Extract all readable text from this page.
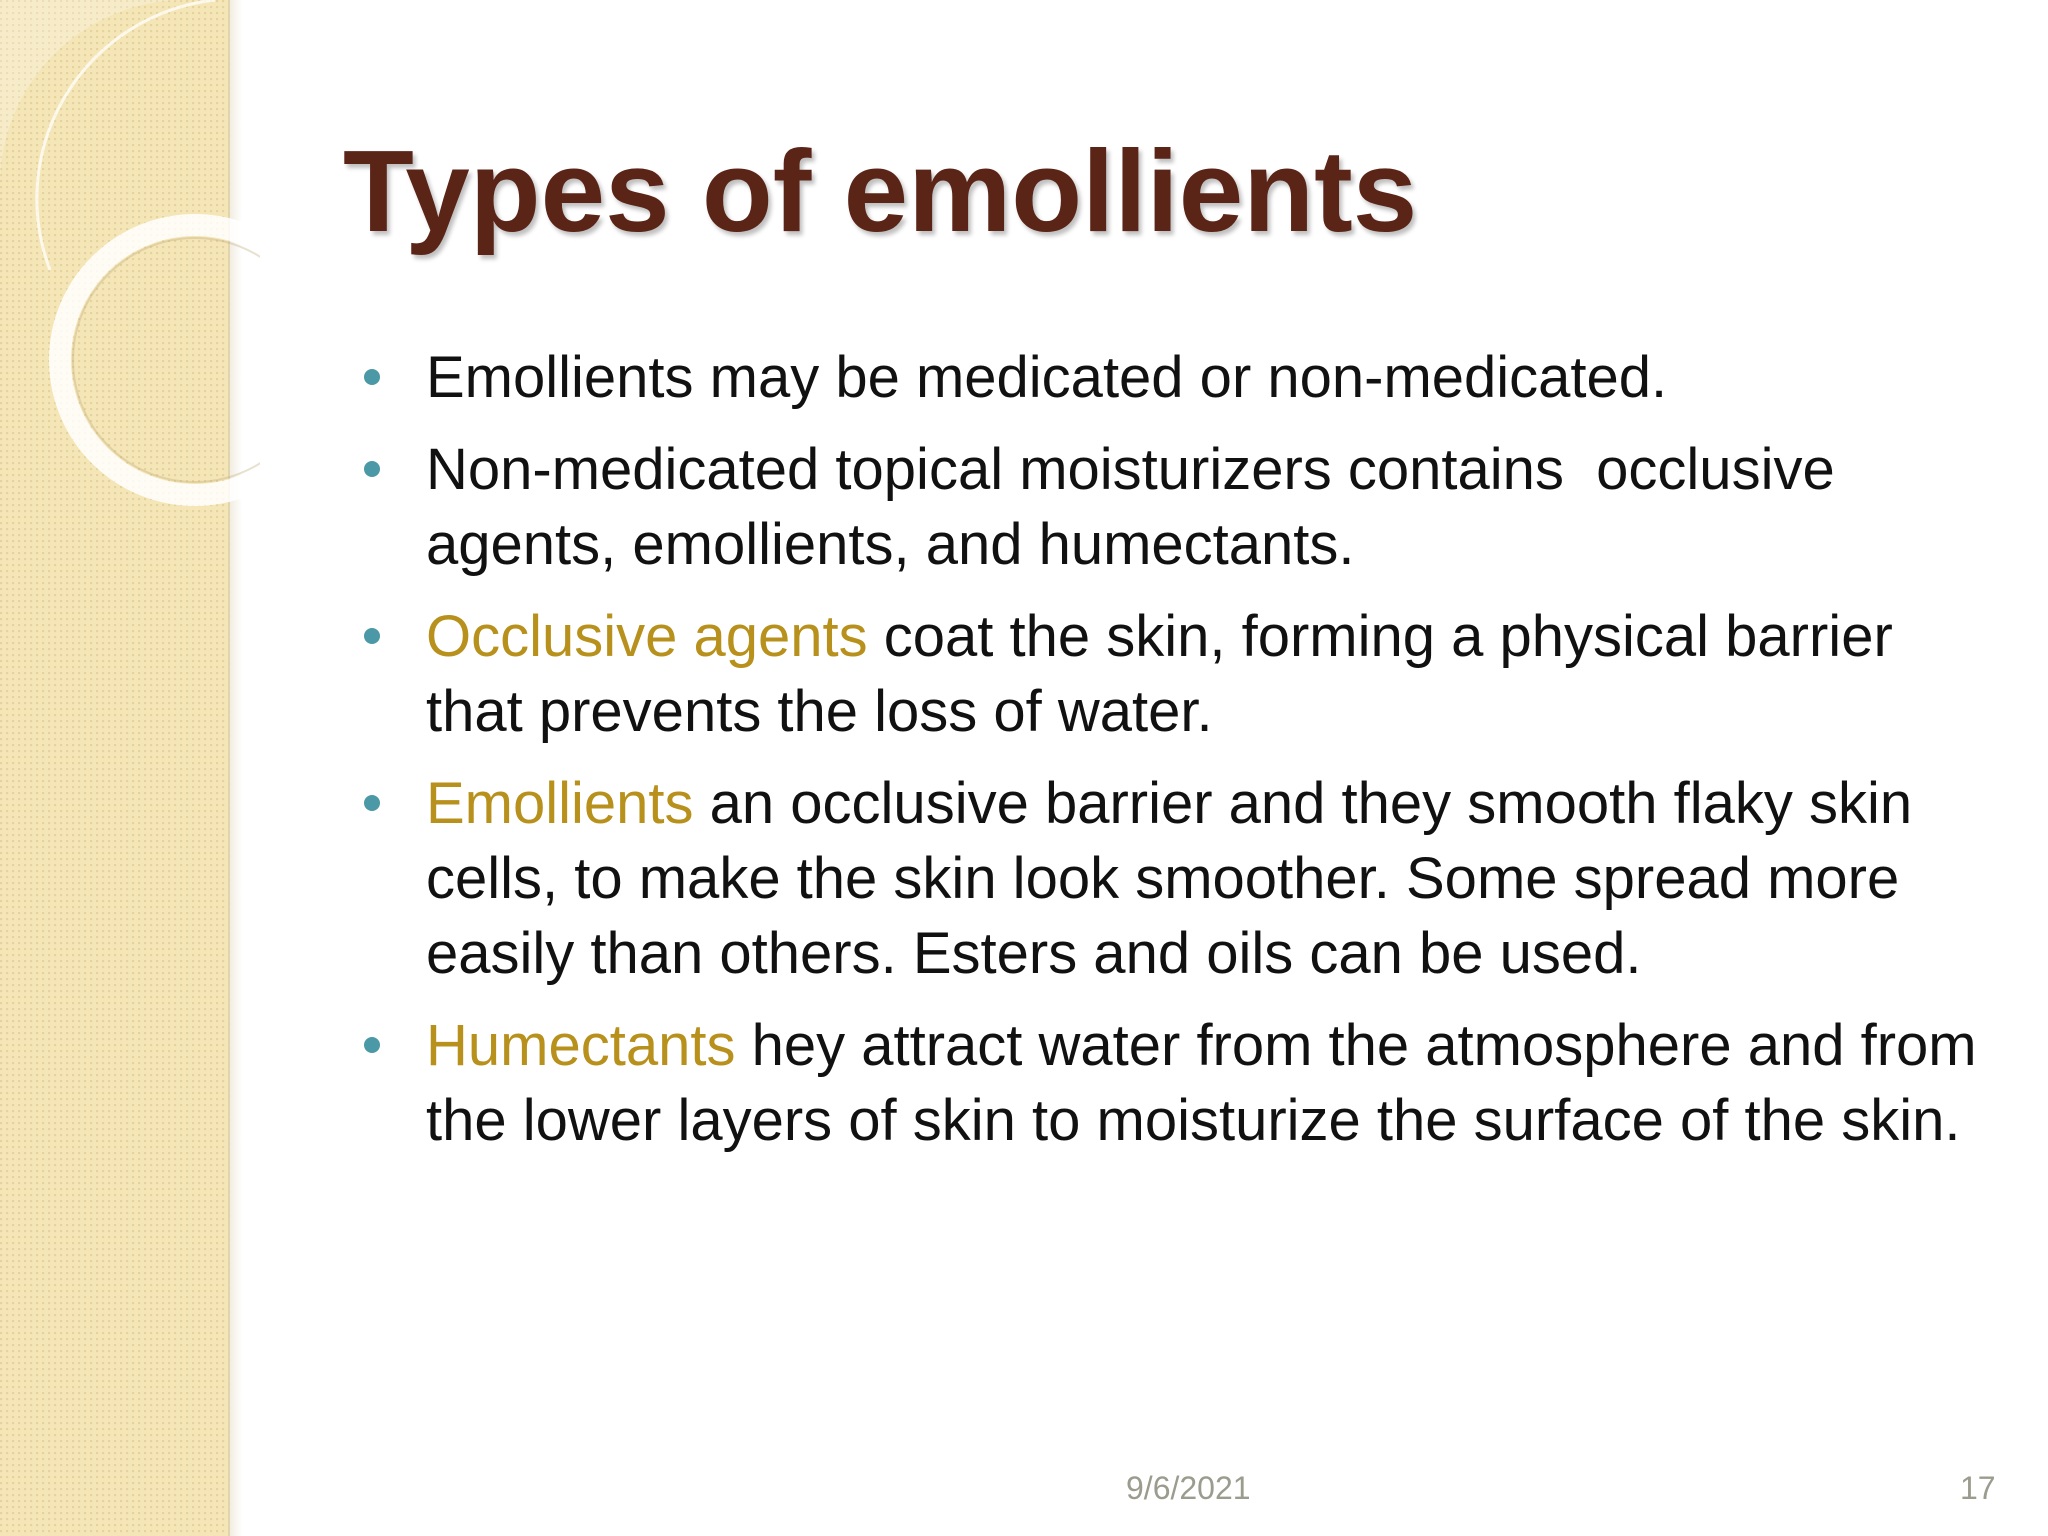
Types of emollients
Emollients may be medicated or non-medicated.
Non-medicated topical moisturizers contains  occlusive agents, emollients, and humectants.
Occlusive agents coat the skin, forming a physical barrier that prevents the loss of water.
Emollients an occlusive barrier and they smooth flaky skin cells, to make the skin look smoother. Some spread more easily than others. Esters and oils can be used.
Humectants hey attract water from the atmosphere and from the lower layers of skin to moisturize the surface of the skin.
9/6/2021	17
